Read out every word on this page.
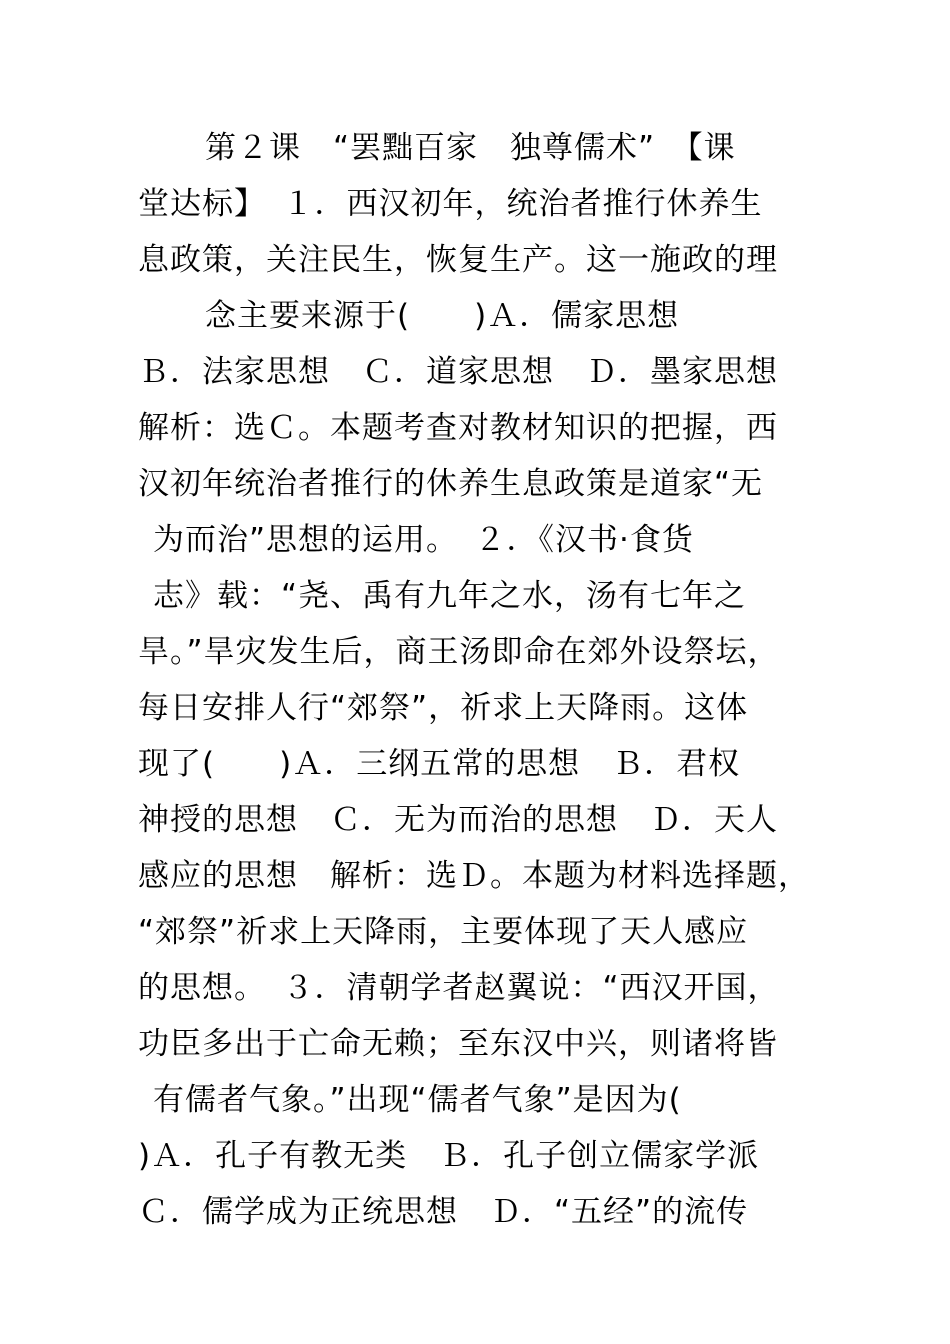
第２课　“罢黜百家　独尊儒术”　【课
堂达标】　１．西汉初年，统治者推行休养生
息政策，关注民生，恢复生产。这一施政的理
念主要来源于(　　)Ａ．儒家思想
Ｂ．法家思想　Ｃ．道家思想　Ｄ．墨家思想
解析：选Ｃ。本题考查对教材知识的把握，西
汉初年统治者推行的休养生息政策是道家“无
为而治”思想的运用。　２．《汉书·食货
志》载：“尧、禹有九年之水，汤有七年之
旱。”旱灾发生后，商王汤即命在郊外设祭坛，
每日安排人行“郊祭”，祈求上天降雨。这体
现了(　　)Ａ．三纲五常的思想　Ｂ．君权
神授的思想　Ｃ．无为而治的思想　Ｄ．天人
感应的思想　解析：选Ｄ。本题为材料选择题，
“郊祭”祈求上天降雨，主要体现了天人感应
的思想。　３．清朝学者赵翼说：“西汉开国，
功臣多出于亡命无赖；至东汉中兴，则诸将皆
有儒者气象。”出现“儒者气象”是因为(
)Ａ．孔子有教无类　Ｂ．孔子创立儒家学派
Ｃ．儒学成为正统思想　Ｄ．“五经”的流传
